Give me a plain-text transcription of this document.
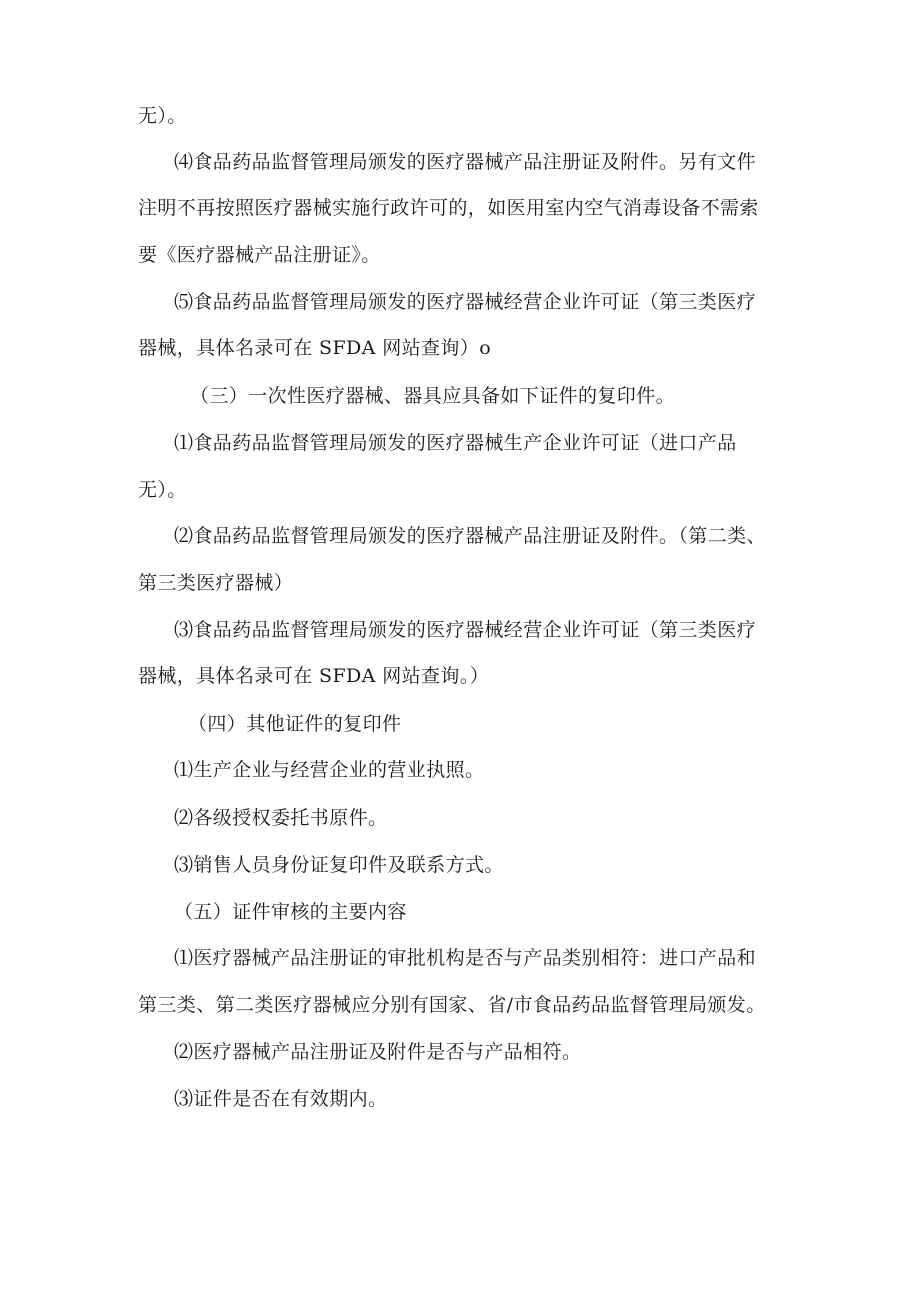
无）。

⑷食品药品监督管理局颁发的医疗器械产品注册证及附件。另有文件

注明不再按照医疗器械实施行政许可的，如医用室内空气消毒设备不需索

要《医疗器械产品注册证》。

⑸食品药品监督管理局颁发的医疗器械经营企业许可证（第三类医疗

器械，具体名录可在 SFDA 网站查询）o

（三）一次性医疗器械、器具应具备如下证件的复印件。

⑴食品药品监督管理局颁发的医疗器械生产企业许可证（进口产品

无）。

⑵食品药品监督管理局颁发的医疗器械产品注册证及附件。（第二类、

第三类医疗器械）

⑶食品药品监督管理局颁发的医疗器械经营企业许可证（第三类医疗

器械，具体名录可在 SFDA 网站查询。）

（四）其他证件的复印件

⑴生产企业与经营企业的营业执照。

⑵各级授权委托书原件。

⑶销售人员身份证复印件及联系方式。

（五）证件审核的主要内容

⑴医疗器械产品注册证的审批机构是否与产品类别相符：进口产品和

第三类、第二类医疗器械应分别有国家、省/市食品药品监督管理局颁发。

⑵医疗器械产品注册证及附件是否与产品相符。

⑶证件是否在有效期内。
